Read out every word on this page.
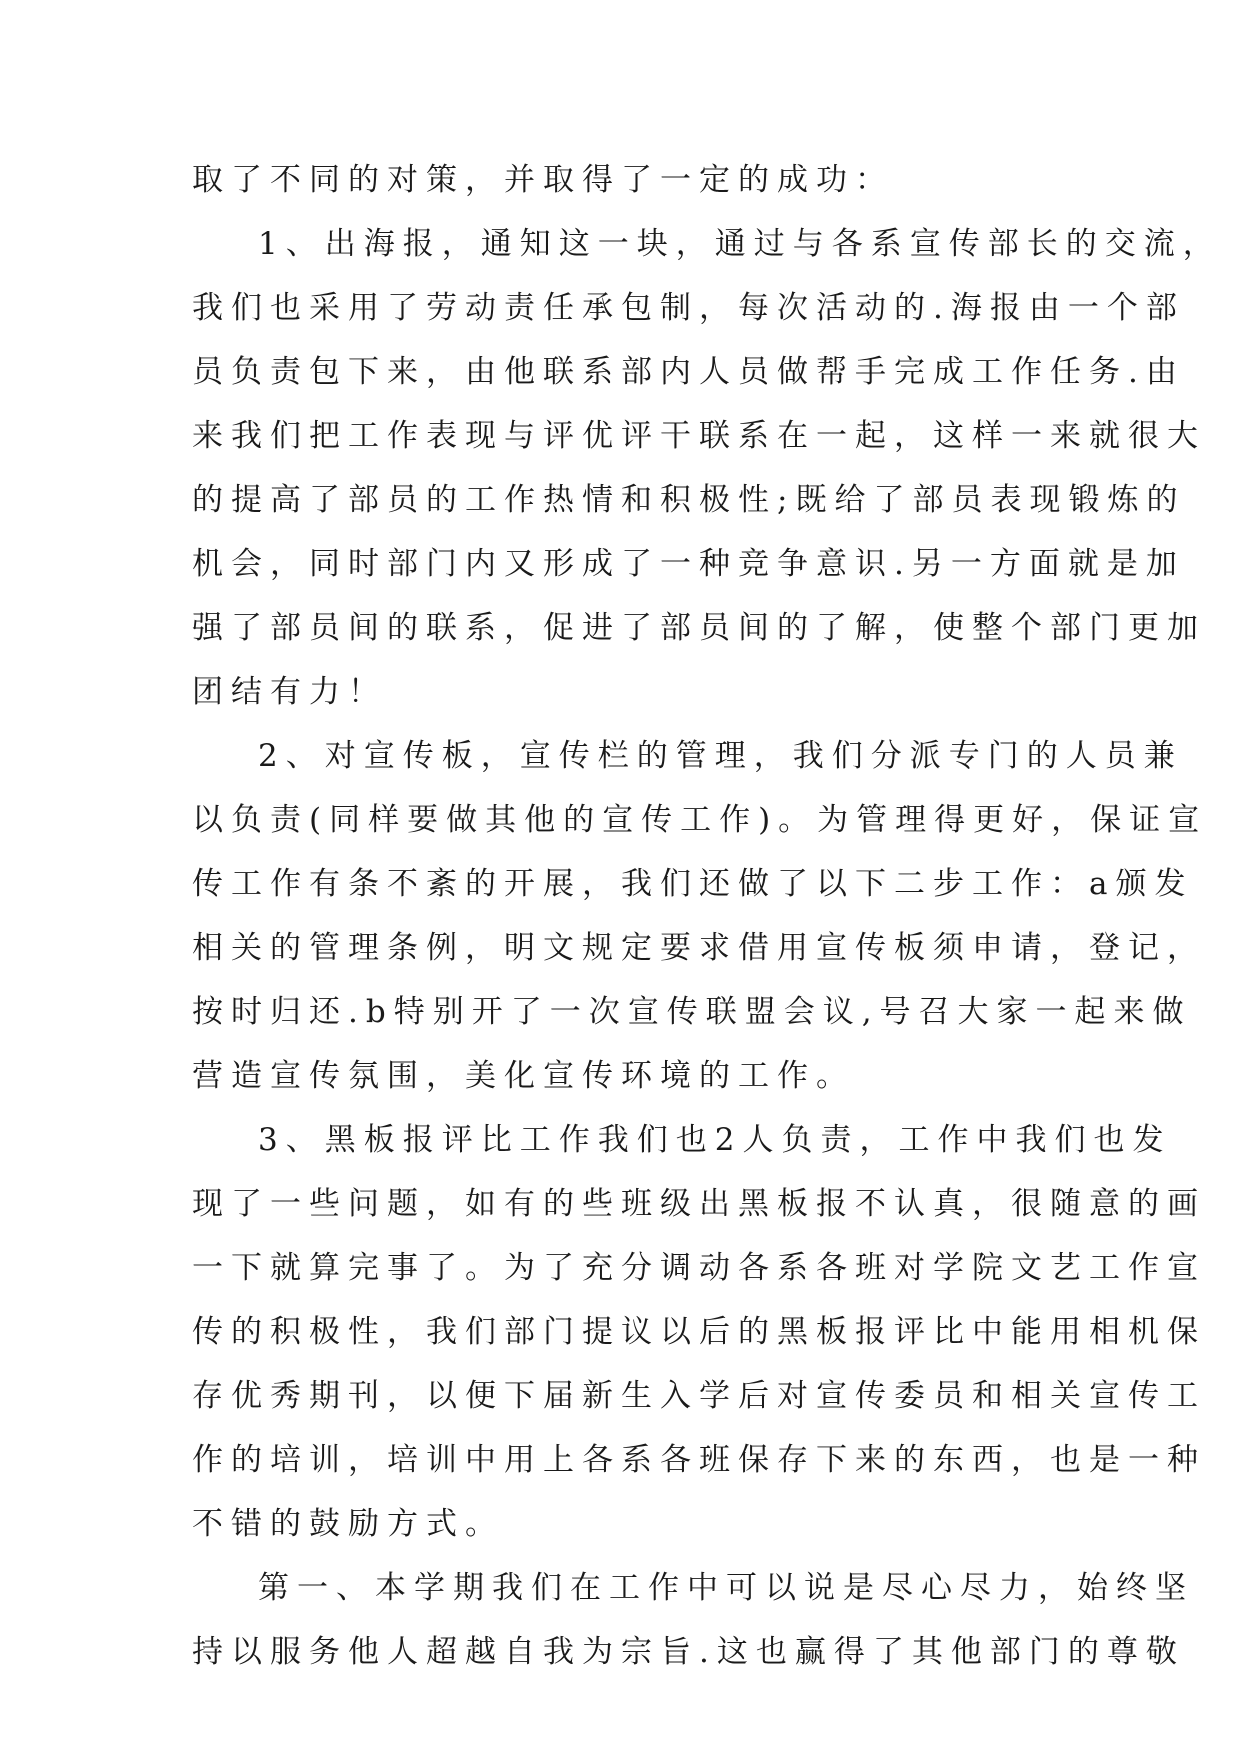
取了不同的对策，并取得了一定的成功：
1、出海报，通知这一块，通过与各系宣传部长的交流，
我们也采用了劳动责任承包制，每次活动的.海报由一个部
员负责包下来，由他联系部内人员做帮手完成工作任务.由
来我们把工作表现与评优评干联系在一起，这样一来就很大
的提高了部员的工作热情和积极性;既给了部员表现锻炼的
机会，同时部门内又形成了一种竞争意识.另一方面就是加
强了部员间的联系，促进了部员间的了解，使整个部门更加
团结有力！
2、对宣传板，宣传栏的管理，我们分派专门的人员兼
以负责(同样要做其他的宣传工作)。为管理得更好，保证宣
传工作有条不紊的开展，我们还做了以下二步工作：a颁发
相关的管理条例，明文规定要求借用宣传板须申请，登记，
按时归还.b特别开了一次宣传联盟会议,号召大家一起来做
营造宣传氛围，美化宣传环境的工作。
3、黑板报评比工作我们也2人负责，工作中我们也发
现了一些问题，如有的些班级出黑板报不认真，很随意的画
一下就算完事了。为了充分调动各系各班对学院文艺工作宣
传的积极性，我们部门提议以后的黑板报评比中能用相机保
存优秀期刊，以便下届新生入学后对宣传委员和相关宣传工
作的培训，培训中用上各系各班保存下来的东西，也是一种
不错的鼓励方式。
第一、本学期我们在工作中可以说是尽心尽力，始终坚
持以服务他人超越自我为宗旨.这也赢得了其他部门的尊敬
